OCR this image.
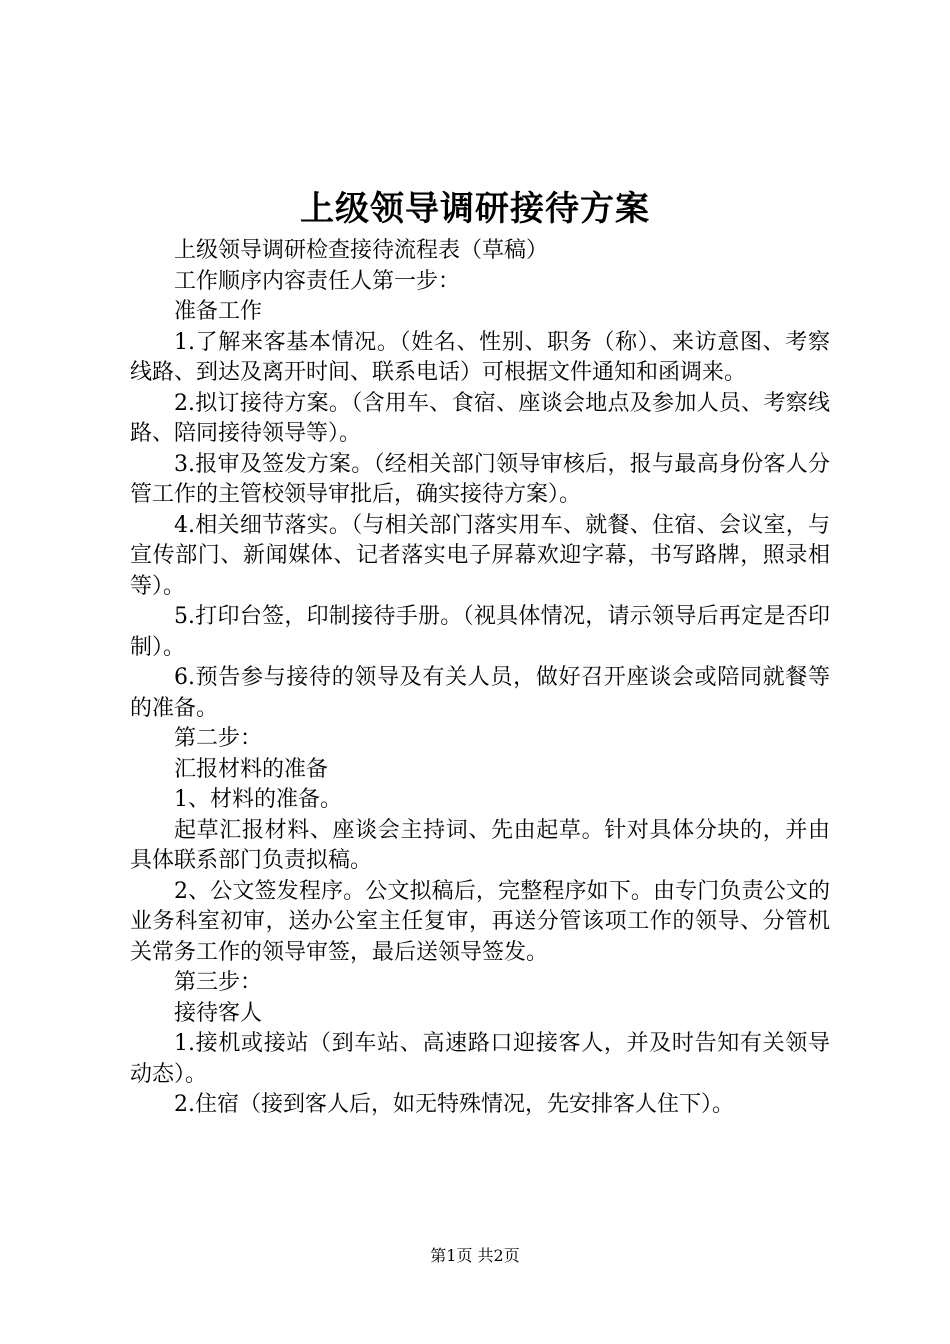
上级领导调研接待方案

上级领导调研检查接待流程表（草稿）

工作顺序内容责任人第一步：

准备工作

1.了解来客基本情况。（姓名、性别、职务（称）、来访意图、考察线路、到达及离开时间、联系电话）可根据文件通知和函调来。

2.拟订接待方案。（含用车、食宿、座谈会地点及参加人员、考察线路、陪同接待领导等）。

3.报审及签发方案。（经相关部门领导审核后，报与最高身份客人分管工作的主管校领导审批后，确实接待方案）。

4.相关细节落实。（与相关部门落实用车、就餐、住宿、会议室，与宣传部门、新闻媒体、记者落实电子屏幕欢迎字幕，书写路牌，照录相等）。

5.打印台签，印制接待手册。（视具体情况，请示领导后再定是否印制）。

6.预告参与接待的领导及有关人员，做好召开座谈会或陪同就餐等的准备。

第二步：

汇报材料的准备

1、材料的准备。

起草汇报材料、座谈会主持词、先由起草。针对具体分块的，并由具体联系部门负责拟稿。

2、公文签发程序。公文拟稿后，完整程序如下。由专门负责公文的业务科室初审，送办公室主任复审，再送分管该项工作的领导、分管机关常务工作的领导审签，最后送领导签发。

第三步：

接待客人

1.接机或接站（到车站、高速路口迎接客人，并及时告知有关领导动态）。

2.住宿（接到客人后，如无特殊情况，先安排客人住下）。

第1页 共2页
